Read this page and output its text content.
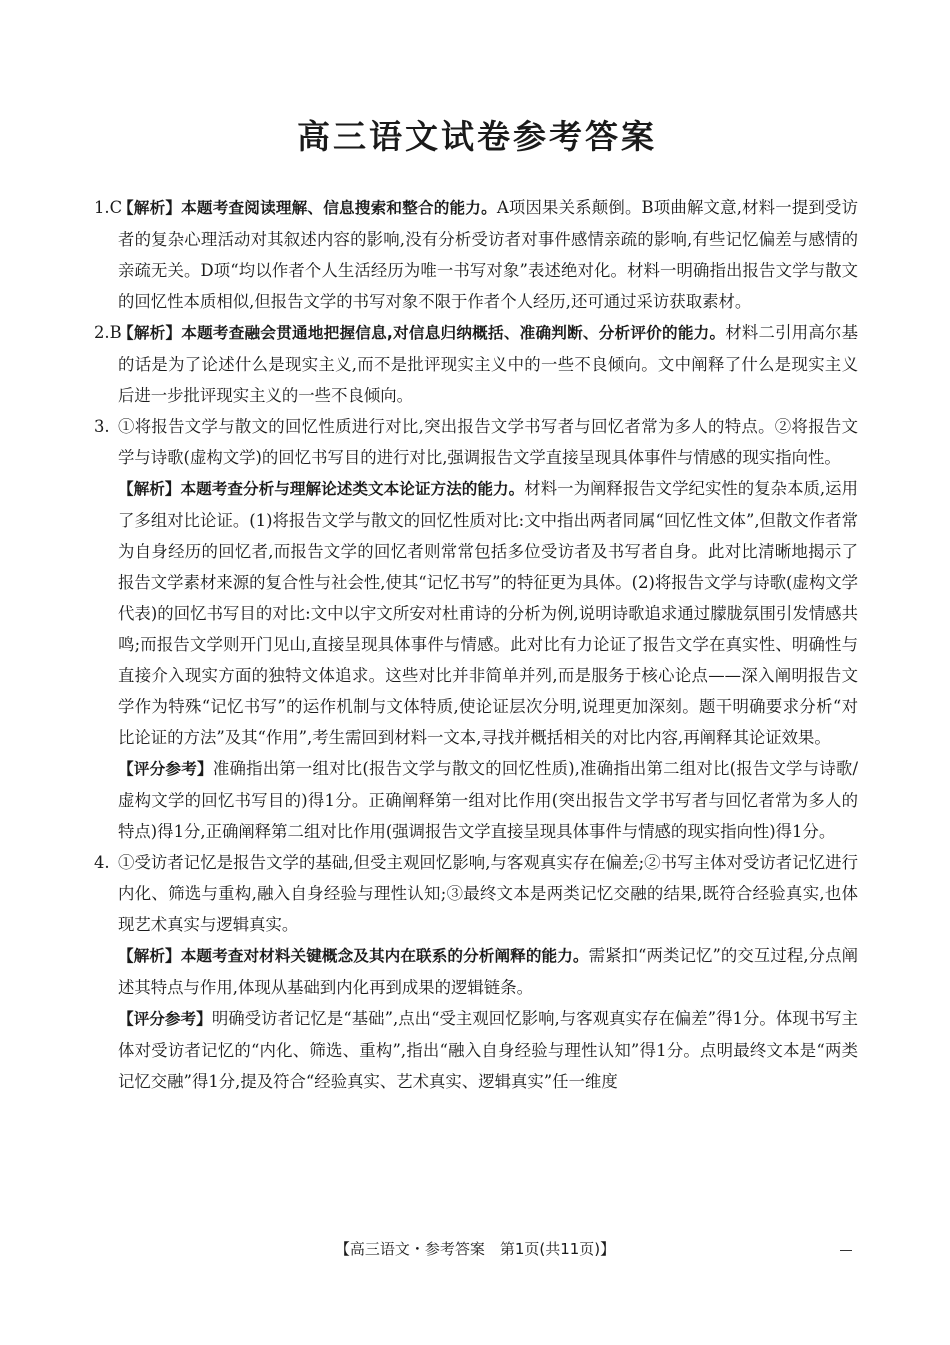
高三语文试卷参考答案

1.C
【解析】本题考查阅读理解、信息搜索和整合的能力。A项因果关系颠倒。B项曲解文意,材料一提到受访者的复杂心理活动对其叙述内容的影响,没有分析受访者对事件感情亲疏的影响,有些记忆偏差与感情的亲疏无关。D项“均以作者个人生活经历为唯一书写对象”表述绝对化。材料一明确指出报告文学与散文的回忆性本质相似,但报告文学的书写对象不限于作者个人经历,还可通过采访获取素材。

2.B
【解析】本题考查融会贯通地把握信息,对信息归纳概括、准确判断、分析评价的能力。材料二引用高尔基的话是为了论述什么是现实主义,而不是批评现实主义中的一些不良倾向。文中阐释了什么是现实主义后进一步批评现实主义的一些不良倾向。

3. ①将报告文学与散文的回忆性质进行对比,突出报告文学书写者与回忆者常为多人的特点。②将报告文学与诗歌(虚构文学)的回忆书写目的进行对比,强调报告文学直接呈现具体事件与情感的现实指向性。

【解析】本题考查分析与理解论述类文本论证方法的能力。材料一为阐释报告文学纪实性的复杂本质,运用了多组对比论证。(1)将报告文学与散文的回忆性质对比:文中指出两者同属“回忆性文体”,但散文作者常为自身经历的回忆者,而报告文学的回忆者则常常包括多位受访者及书写者自身。此对比清晰地揭示了报告文学素材来源的复合性与社会性,使其“记忆书写”的特征更为具体。(2)将报告文学与诗歌(虚构文学代表)的回忆书写目的对比:文中以宇文所安对杜甫诗的分析为例,说明诗歌追求通过朦胧氛围引发情感共鸣;而报告文学则开门见山,直接呈现具体事件与情感。此对比有力论证了报告文学在真实性、明确性与直接介入现实方面的独特文体追求。这些对比并非简单并列,而是服务于核心论点——深入阐明报告文学作为特殊“记忆书写”的运作机制与文体特质,使论证层次分明,说理更加深刻。题干明确要求分析“对比论证的方法”及其“作用”,考生需回到材料一文本,寻找并概括相关的对比内容,再阐释其论证效果。

【评分参考】准确指出第一组对比(报告文学与散文的回忆性质),准确指出第二组对比(报告文学与诗歌/虚构文学的回忆书写目的)得1分。正确阐释第一组对比作用(突出报告文学书写者与回忆者常为多人的特点)得1分,正确阐释第二组对比作用(强调报告文学直接呈现具体事件与情感的现实指向性)得1分。

4. ①受访者记忆是报告文学的基础,但受主观回忆影响,与客观真实存在偏差;②书写主体对受访者记忆进行内化、筛选与重构,融入自身经验与理性认知;③最终文本是两类记忆交融的结果,既符合经验真实,也体现艺术真实与逻辑真实。

【解析】本题考查对材料关键概念及其内在联系的分析阐释的能力。需紧扣“两类记忆”的交互过程,分点阐述其特点与作用,体现从基础到内化再到成果的逻辑链条。

【评分参考】明确受访者记忆是“基础”,点出“受主观回忆影响,与客观真实存在偏差”得1分。体现书写主体对受访者记忆的“内化、筛选、重构”,指出“融入自身经验与理性认知”得1分。点明最终文本是“两类记忆交融”得1分,提及符合“经验真实、艺术真实、逻辑真实”任一维度

【高三语文・参考答案　第1页(共11页)】
